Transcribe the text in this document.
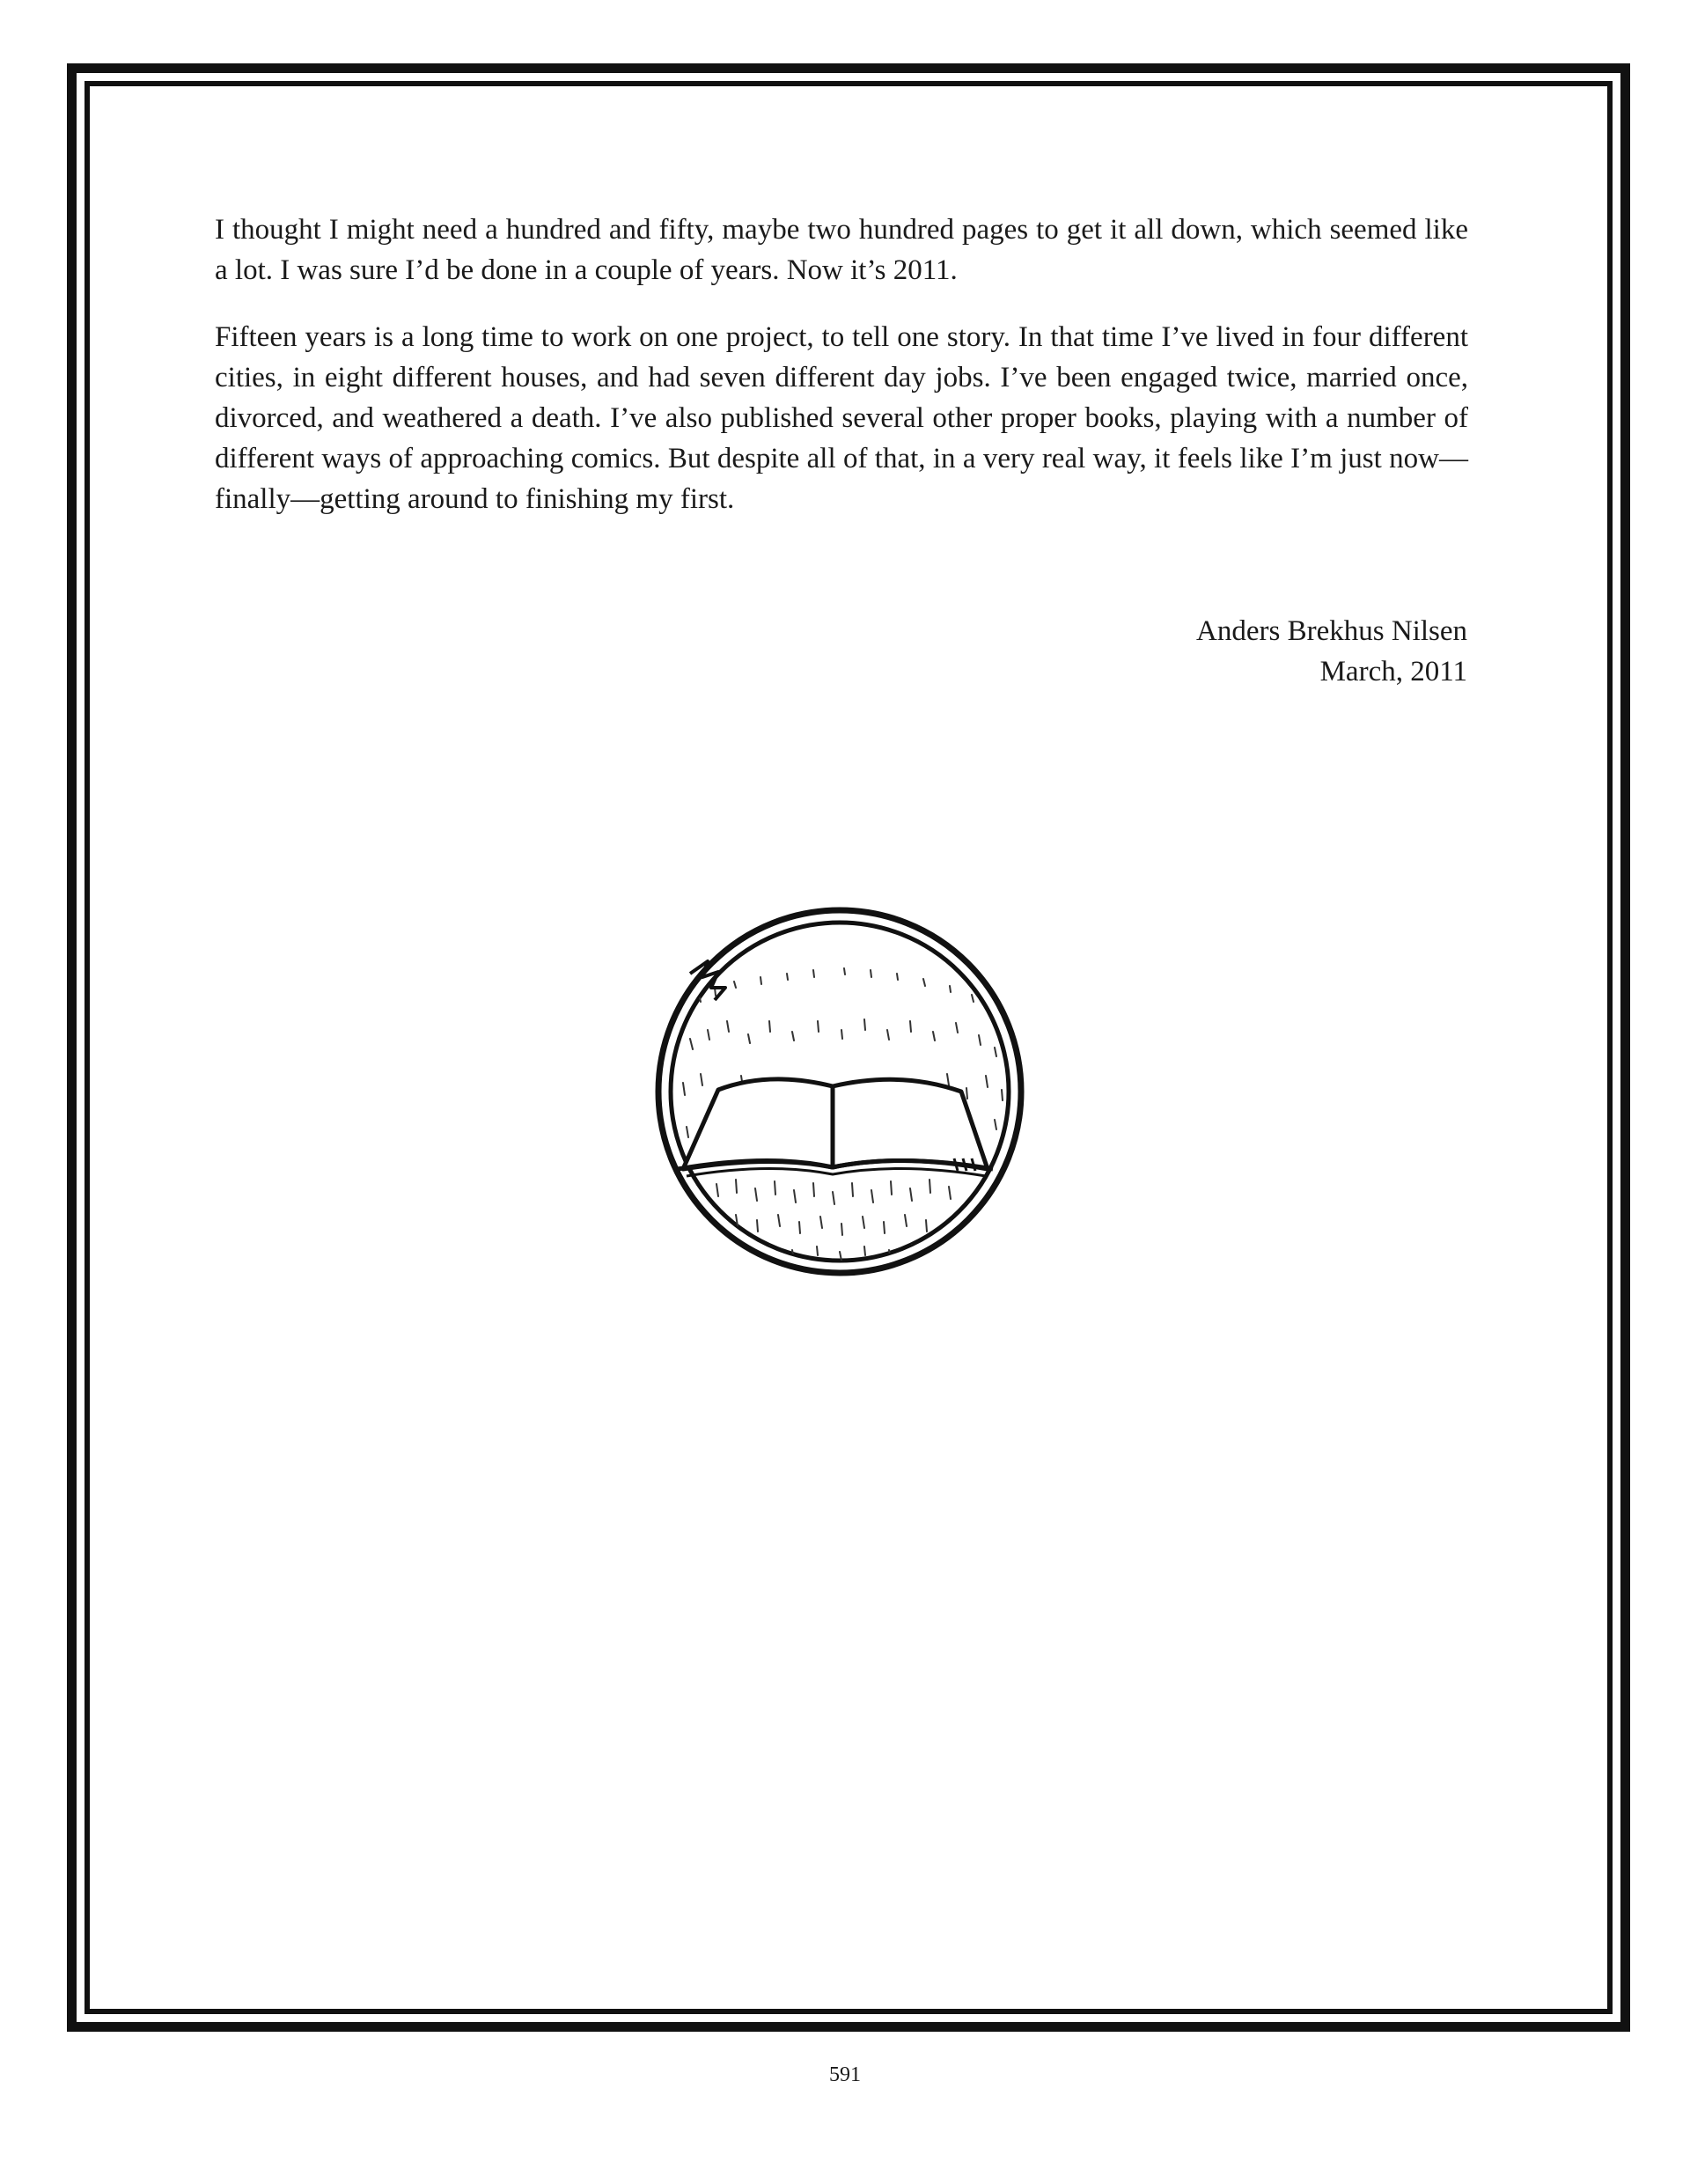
I thought I might need a hundred and fifty, maybe two hundred pages to get it all down, which seemed like a lot. I was sure I’d be done in a couple of years. Now it’s 2011.

Fifteen years is a long time to work on one project, to tell one story. In that time I’ve lived in four different cities, in eight different houses, and had seven different day jobs. I’ve been engaged twice, married once, divorced, and weathered a death. I’ve also published several other proper books, playing with a number of different ways of approaching comics. But despite all of that, in a very real way, it feels like I’m just now—finally—getting around to finishing my first.

Anders Brekhus Nilsen
March, 2011
591
